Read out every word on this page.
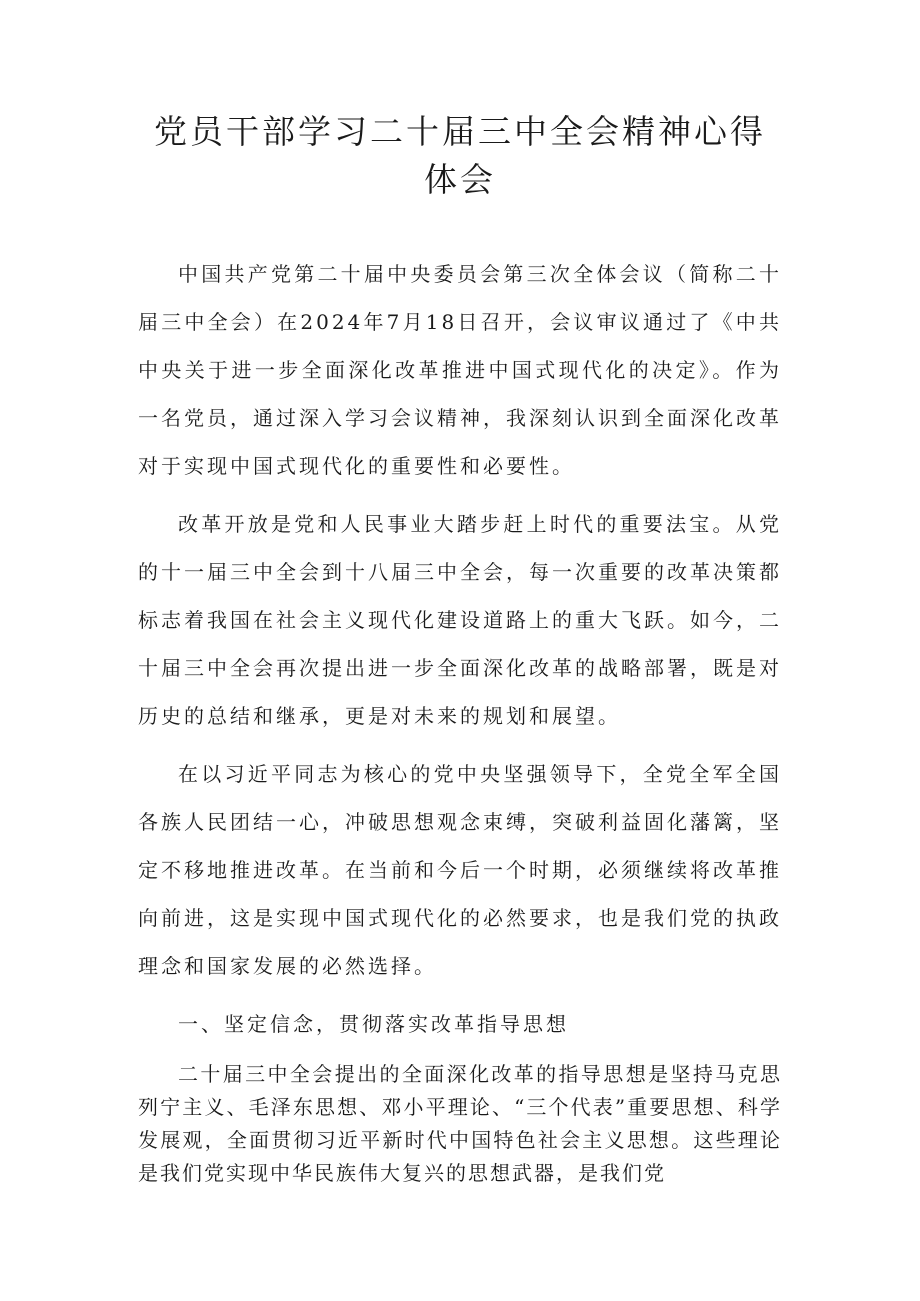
党员干部学习二十届三中全会精神心得体会

中国共产党第二十届中央委员会第三次全体会议（简称二十届三中全会）在2024年7月18日召开，会议审议通过了《中共中央关于进一步全面深化改革推进中国式现代化的决定》。作为一名党员，通过深入学习会议精神，我深刻认识到全面深化改革对于实现中国式现代化的重要性和必要性。

改革开放是党和人民事业大踏步赶上时代的重要法宝。从党的十一届三中全会到十八届三中全会，每一次重要的改革决策都标志着我国在社会主义现代化建设道路上的重大飞跃。如今，二十届三中全会再次提出进一步全面深化改革的战略部署，既是对历史的总结和继承，更是对未来的规划和展望。

在以习近平同志为核心的党中央坚强领导下，全党全军全国各族人民团结一心，冲破思想观念束缚，突破利益固化藩篱，坚定不移地推进改革。在当前和今后一个时期，必须继续将改革推向前进，这是实现中国式现代化的必然要求，也是我们党的执政理念和国家发展的必然选择。

一、坚定信念，贯彻落实改革指导思想

二十届三中全会提出的全面深化改革的指导思想是坚持马克思列宁主义、毛泽东思想、邓小平理论、“三个代表”重要思想、科学发展观，全面贯彻习近平新时代中国特色社会主义思想。这些理论是我们党实现中华民族伟大复兴的思想武器，是我们党
